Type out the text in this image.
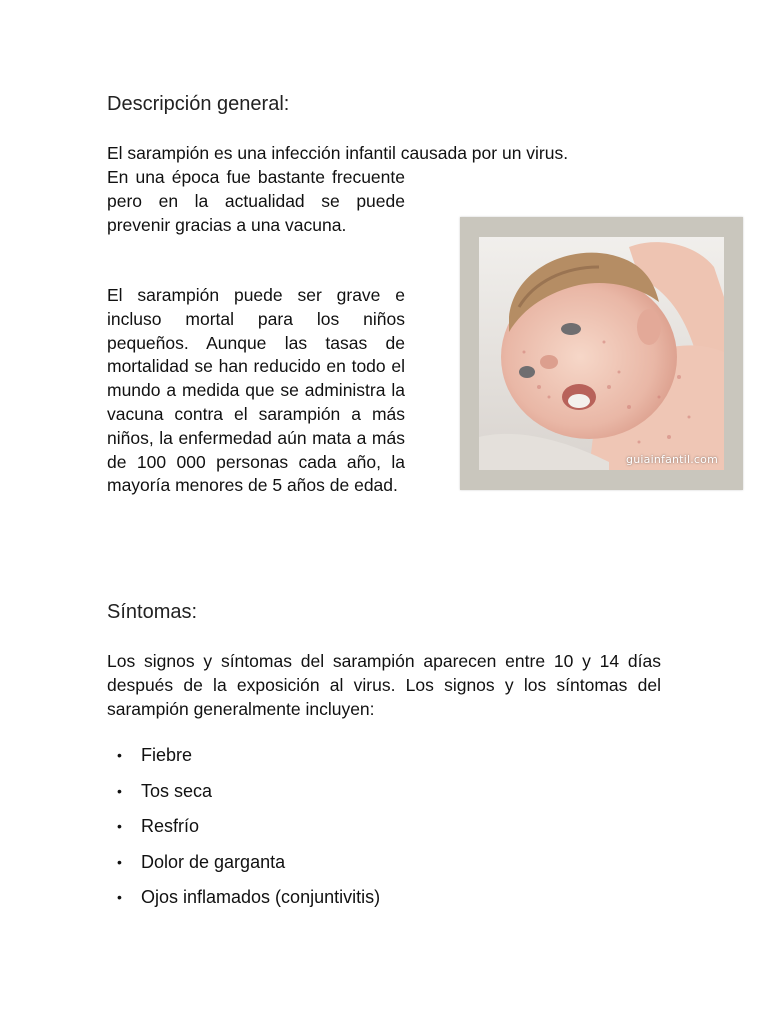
Descripción general:

El sarampión es una infección infantil causada por un virus.

En una época fue bastante frecuente pero en la actualidad se puede prevenir gracias a una vacuna.

El sarampión puede ser grave e incluso mortal para los niños pequeños. Aunque las tasas de mortalidad se han reducido en todo el mundo a medida que se administra la vacuna contra el sarampión a más niños, la enfermedad aún mata a más de 100 000 personas cada año, la mayoría menores de 5 años de edad.

guiainfantil.com
Síntomas:

Los signos y síntomas del sarampión aparecen entre 10 y 14 días después de la exposición al virus. Los signos y los síntomas del sarampión generalmente incluyen:

• Fiebre
• Tos seca
• Resfrío
• Dolor de garganta
• Ojos inflamados (conjuntivitis)
